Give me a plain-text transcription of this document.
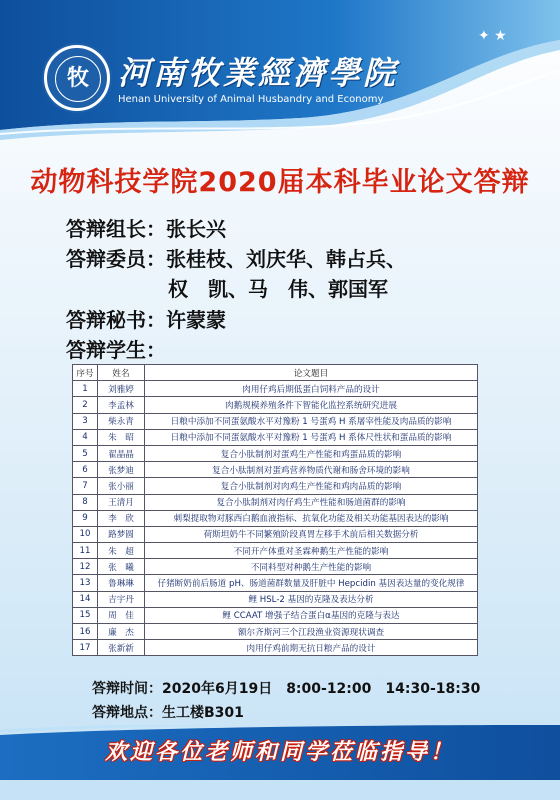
牧 河南牧業經濟學院
Henan University of Animal Husbandry and Economy
✦ ★
动物科技学院2020届本科毕业论文答辩
答辩组长：张长兴
答辩委员：张桂枝、刘庆华、韩占兵、
权　凯、马　伟、郭国军
答辩秘书：许蒙蒙
答辩学生：
序号	姓名	论文题目
1	刘雅婷	肉用仔鸡后期低蛋白饲料产品的设计
2	李孟林	肉鹅规模养殖条件下智能化监控系统研究进展
3	柴永青	日粮中添加不同蛋氨酸水平对豫粉 1 号蛋鸡 H 系屠宰性能及肉品质的影响
4	朱　昭	日粮中添加不同蛋氨酸水平对豫粉 1 号蛋鸡 H 系体尺性状和蛋品质的影响
5	翟晶晶	复合小肽制剂对蛋鸡生产性能和鸡蛋品质的影响
6	张梦迪	复合小肽制剂对蛋鸡营养物质代谢和肠舍环境的影响
7	张小丽	复合小肽制剂对肉鸡生产性能和鸡肉品质的影响
8	王清月	复合小肽制剂对肉仔鸡生产性能和肠道菌群的影响
9	李　欣	刺梨提取物对豚西白鹅血液指标、抗氧化功能及相关功能基因表达的影响
10	路梦圆	荷斯坦奶牛不同繁殖阶段真胃左移手术前后相关数据分析
11	朱　超	不同开产体重对圣霖种鹅生产性能的影响
12	张　曦	不同料型对种鹅生产性能的影响
13	鲁琳琳	仔猪断奶前后肠道 pH、肠道菌群数量及肝脏中 Hepcidin 基因表达量的变化规律
14	吉宇丹	鲤 HSL-2 基因的克隆及表达分析
15	周　佳	鲤 CCAAT 增强子结合蛋白α基因的克隆与表达
16	廉　杰	额尔齐斯河三个江段渔业资源现状调查
17	张新新	肉用仔鸡前期无抗日粮产品的设计
答辩时间：2020年6月19日　8:00-12:00　14:30-18:30
答辩地点：生工楼B301
欢迎各位老师和同学莅临指导！
